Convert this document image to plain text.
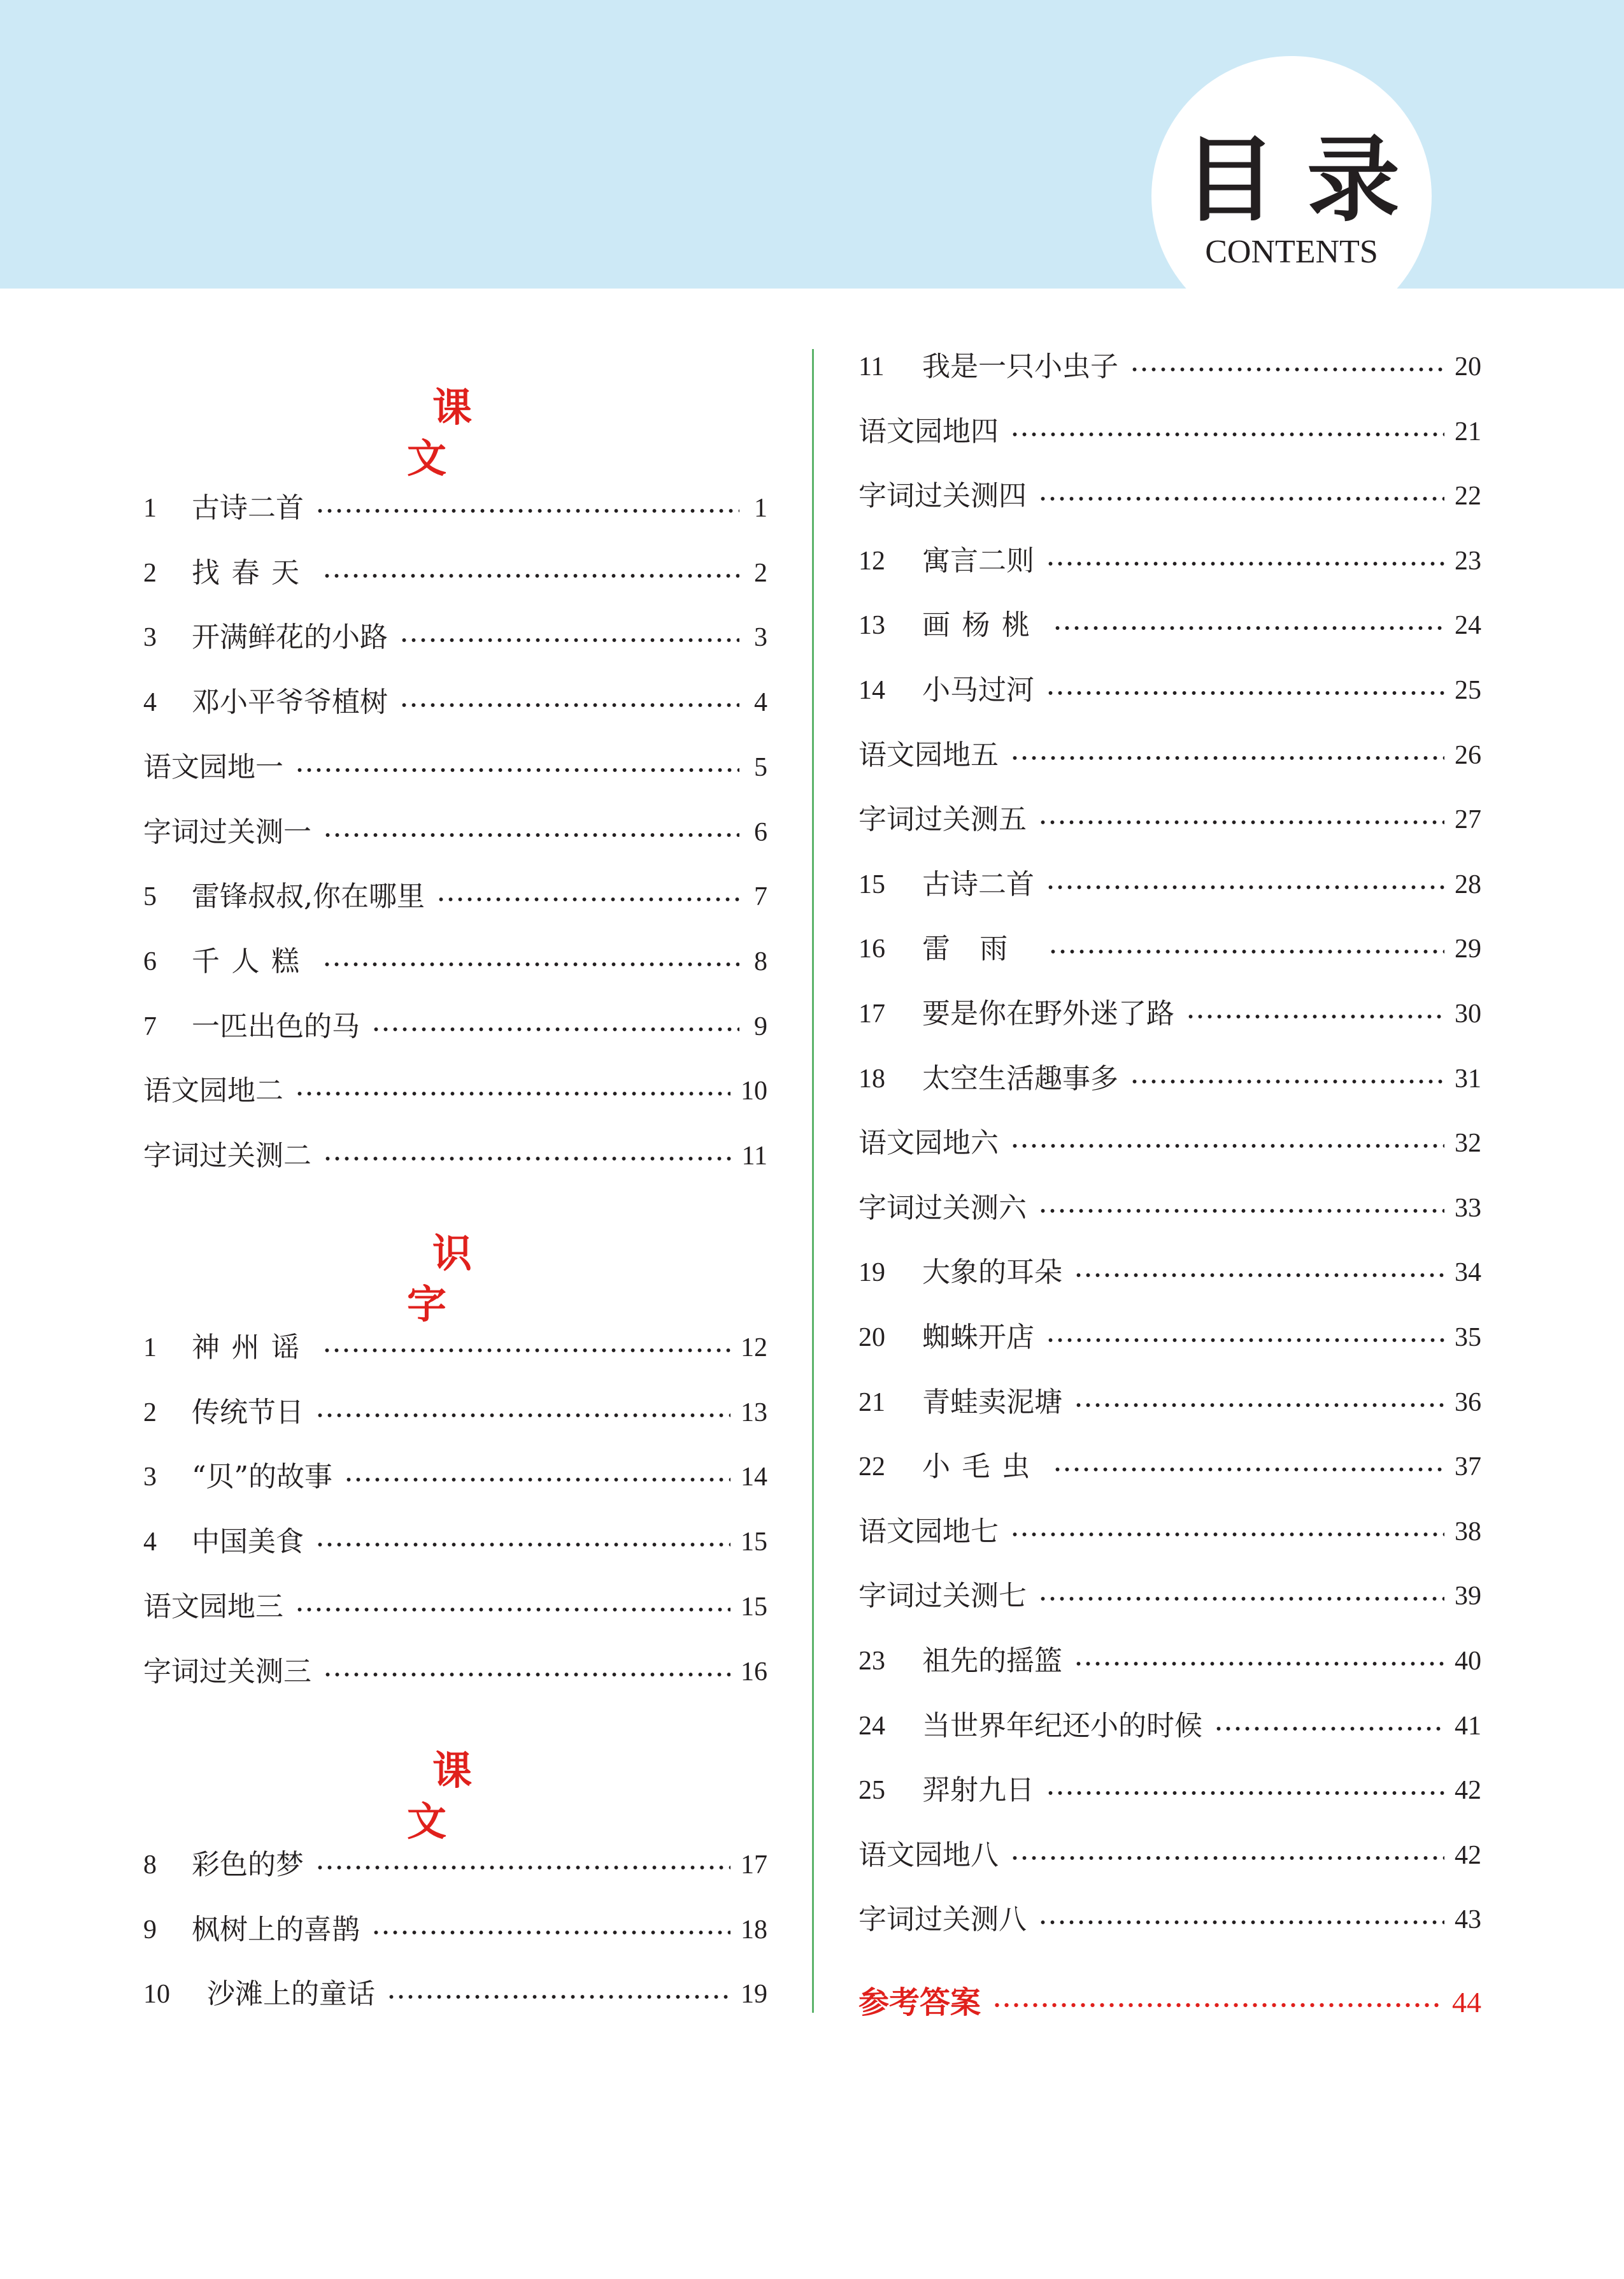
目 录
CONTENTS
课文
1	古诗二首	1
2	找春天	2
3	开满鲜花的小路	3
4	邓小平爷爷植树	4
语文园地一	5
字词过关测一	6
5	雷锋叔叔,你在哪里	7
6	千人糕	8
7	一匹出色的马	9
语文园地二	10
字词过关测二	11
识字
1	神州谣	12
2	传统节日	13
3	“贝”的故事	14
4	中国美食	15
语文园地三	15
字词过关测三	16
课文
8	彩色的梦	17
9	枫树上的喜鹊	18
10	沙滩上的童话	19
11	我是一只小虫子	20
语文园地四	21
字词过关测四	22
12	寓言二则	23
13	画杨桃	24
14	小马过河	25
语文园地五	26
字词过关测五	27
15	古诗二首	28
16	雷雨	29
17	要是你在野外迷了路	30
18	太空生活趣事多	31
语文园地六	32
字词过关测六	33
19	大象的耳朵	34
20	蜘蛛开店	35
21	青蛙卖泥塘	36
22	小毛虫	37
语文园地七	38
字词过关测七	39
23	祖先的摇篮	40
24	当世界年纪还小的时候	41
25	羿射九日	42
语文园地八	42
字词过关测八	43
参考答案	44
